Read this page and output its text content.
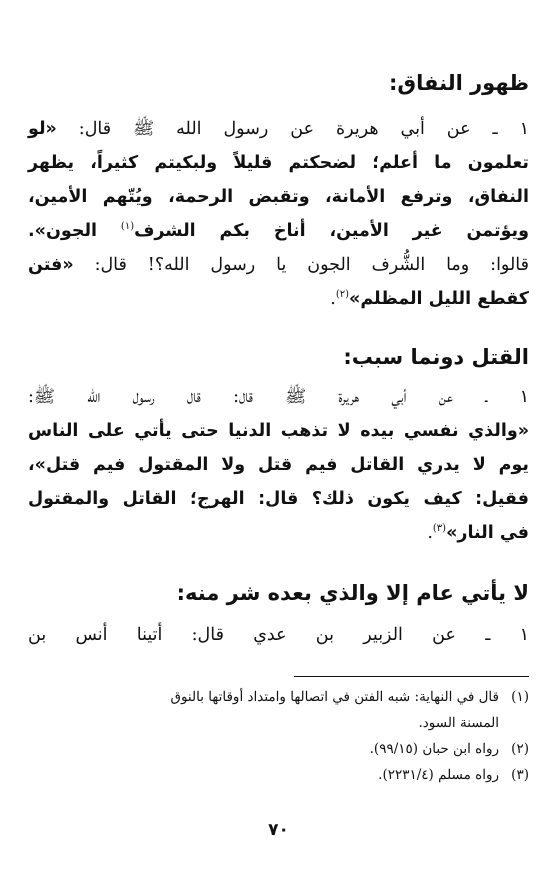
ظهور النفاق:
١ ـ عن أبي هريرة عن رسول الله ﷺ قال: «لو
تعلمون ما أعلم؛ لضحكتم قليلاً ولبكيتم كثيراً، يظهر
النفاق، وترفع الأمانة، وتقبض الرحمة، ويُتّهم الأمين،
ويؤتمن غير الأمين، أناخ بكم الشرف$^{(١)}$ الجون».
قالوا: وما الشُّرف الجون يا رسول الله؟! قال: «فتن
كقطع الليل المظلم»$^{(٢)}$.
القتل دونما سبب:
١ ـ عن أبي هريرة ﷺ قال: قال رسول الله ﷺ:
«والذي نفسي بيده لا تذهب الدنيا حتى يأتي على الناس
يوم لا يدري القاتل فيم قتل ولا المقتول فيم قتل»،
فقيل: كيف يكون ذلك؟ قال: الهرج؛ القاتل والمقتول
في النار»$^{(٣)}$.
لا يأتي عام إلا والذي بعده شر منه:
١ ـ عن الزبير بن عدي قال: أتينا أنس بن
(١)قال في النهاية: شبه الفتن في اتصالها وامتداد أوقاتها بالنوق
المسنة السود.
(٢)رواه ابن حبان (٩٩/١٥).
(٣)رواه مسلم (٢٢٣١/٤).
٧٠
